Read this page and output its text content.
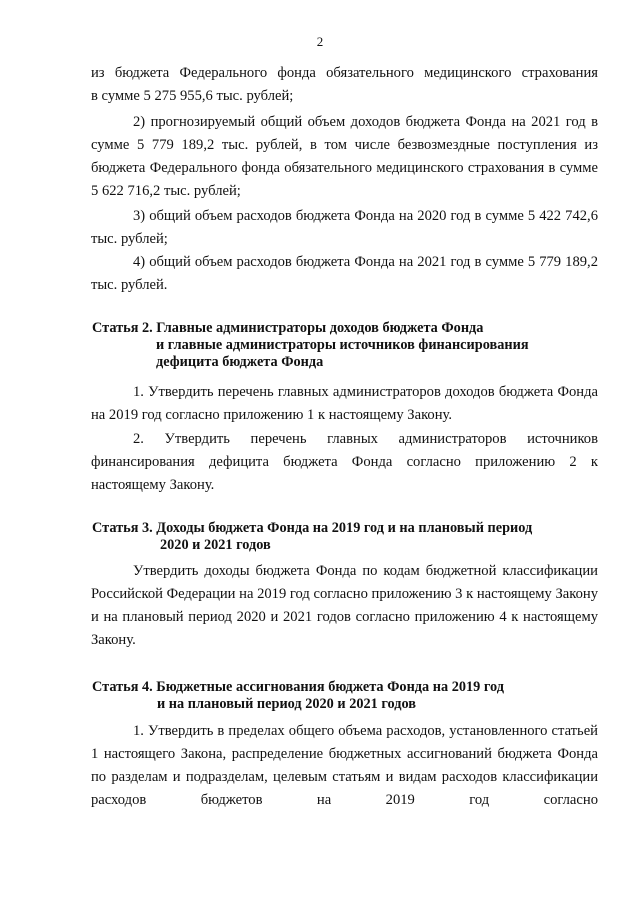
2

из бюджета Федерального фонда обязательного медицинского страхования

в сумме 5 275 955,6 тыс. рублей;

2) прогнозируемый общий объем доходов бюджета Фонда на 2021 год в сумме 5 779 189,2 тыс. рублей, в том числе безвозмездные поступления из бюджета Федерального фонда обязательного медицинского страхования в сумме 5 622 716,2 тыс. рублей;

3) общий объем расходов бюджета Фонда на 2020 год в сумме 5 422 742,6 тыс. рублей;

4) общий объем расходов бюджета Фонда на 2021 год в сумме 5 779 189,2 тыс. рублей.

Статья 2. Главные администраторы доходов бюджета Фонда
и главные администраторы источников финансирования
дефицита бюджета Фонда

1. Утвердить перечень главных администраторов доходов бюджета Фонда на 2019 год согласно приложению 1 к настоящему Закону.

2. Утвердить перечень главных администраторов источников финансирования дефицита бюджета Фонда согласно приложению 2 к настоящему Закону.

Статья 3. Доходы бюджета Фонда на 2019 год и на плановый период
2020 и 2021 годов

Утвердить доходы бюджета Фонда по кодам бюджетной классификации Российской Федерации на 2019 год согласно приложению 3 к настоящему Закону и на плановый период 2020 и 2021 годов согласно приложению 4 к настоящему Закону.

Статья 4. Бюджетные ассигнования бюджета Фонда на 2019 год
и на плановый период 2020 и 2021 годов

1. Утвердить в пределах общего объема расходов, установленного статьей 1 настоящего Закона, распределение бюджетных ассигнований бюджета Фонда по разделам и подразделам, целевым статьям и видам расходов классификации расходов бюджетов на 2019 год согласно
